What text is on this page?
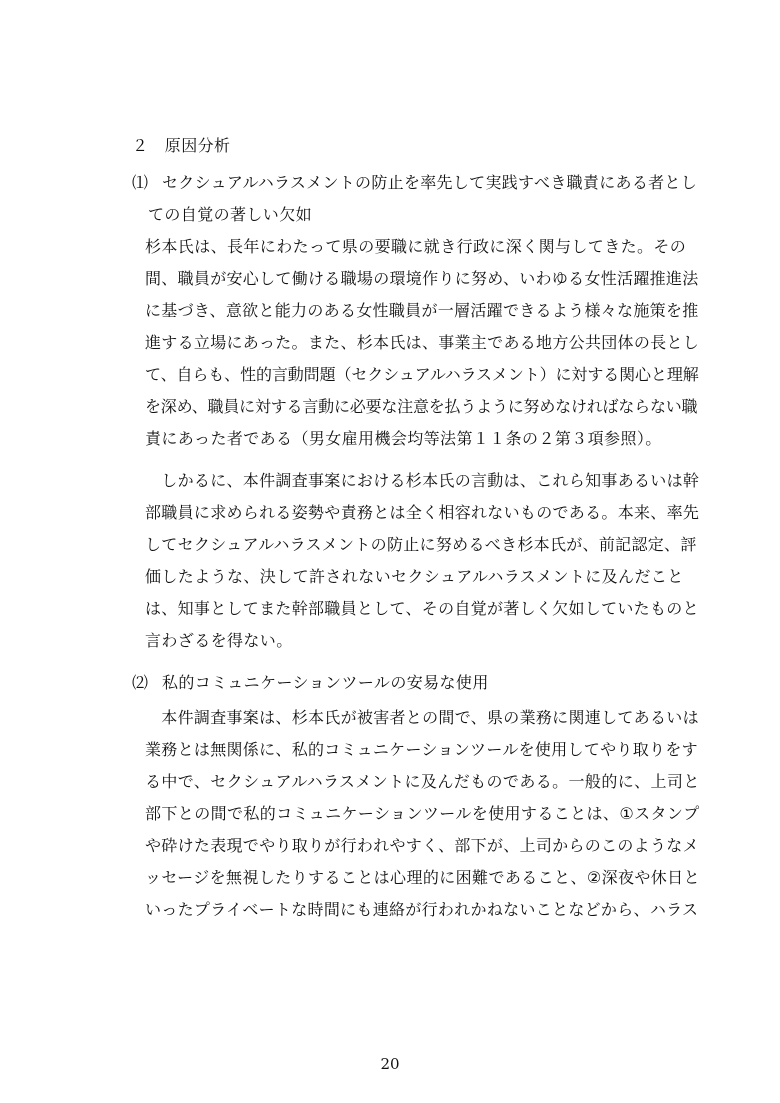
２　原因分析
⑴ セクシュアルハラスメントの防止を率先して実践すべき職責にある者とし
ての自覚の著しい欠如
杉本氏は、長年にわたって県の要職に就き行政に深く関与してきた。その
間、職員が安心して働ける職場の環境作りに努め、いわゆる女性活躍推進法
に基づき、意欲と能力のある女性職員が一層活躍できるよう様々な施策を推
進する立場にあった。また、杉本氏は、事業主である地方公共団体の長とし
て、自らも、性的言動問題（セクシュアルハラスメント）に対する関心と理解
を深め、職員に対する言動に必要な注意を払うように努めなければならない職
責にあった者である（男女雇用機会均等法第１１条の２第３項参照）。
　しかるに、本件調査事案における杉本氏の言動は、これら知事あるいは幹
部職員に求められる姿勢や責務とは全く相容れないものである。本来、率先
してセクシュアルハラスメントの防止に努めるべき杉本氏が、前記認定、評
価したような、決して許されないセクシュアルハラスメントに及んだこと
は、知事としてまた幹部職員として、その自覚が著しく欠如していたものと
言わざるを得ない。
⑵ 私的コミュニケーションツールの安易な使用
　本件調査事案は、杉本氏が被害者との間で、県の業務に関連してあるいは
業務とは無関係に、私的コミュニケーションツールを使用してやり取りをす
る中で、セクシュアルハラスメントに及んだものである。一般的に、上司と
部下との間で私的コミュニケーションツールを使用することは、①スタンプ
や砕けた表現でやり取りが行われやすく、部下が、上司からのこのようなメ
ッセージを無視したりすることは心理的に困難であること、②深夜や休日と
いったプライベートな時間にも連絡が行われかねないことなどから、ハラス
20
